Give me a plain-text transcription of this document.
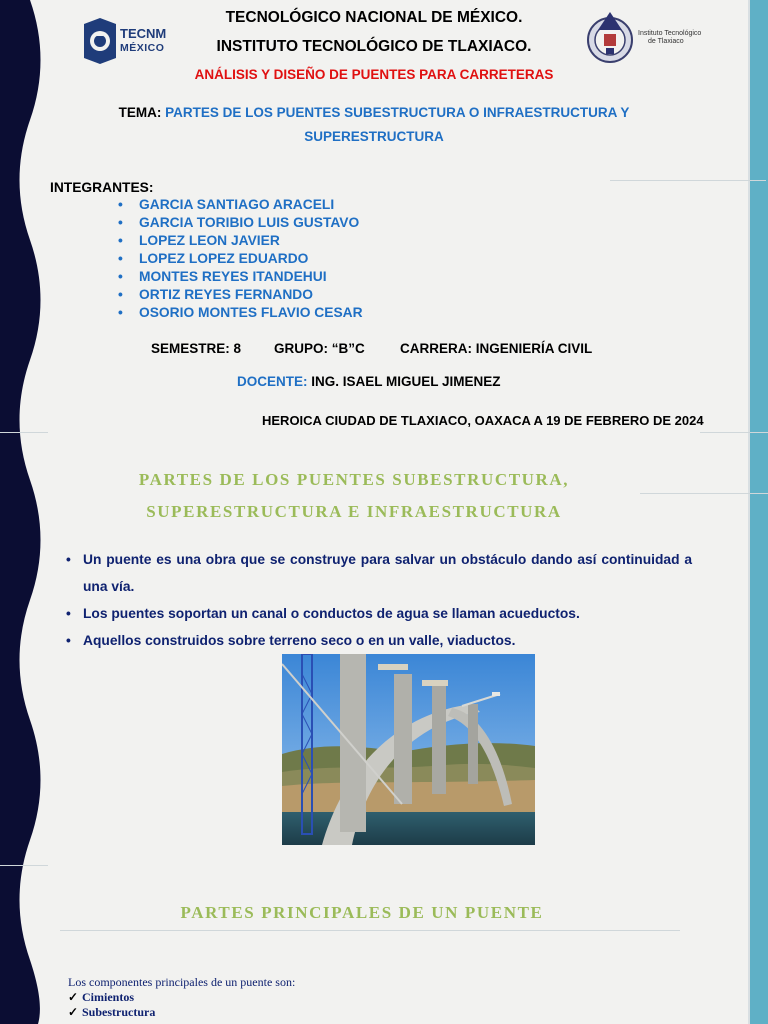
TECNM
MÉXICO
Instituto Tecnológico
de Tlaxiaco
TECNOLÓGICO NACIONAL DE MÉXICO.
INSTITUTO TECNOLÓGICO DE TLAXIACO.
ANÁLISIS Y DISEÑO DE PUENTES PARA CARRETERAS
TEMA: PARTES DE LOS PUENTES SUBESTRUCTURA O INFRAESTRUCTURA Y
SUPERESTRUCTURA
INTEGRANTES:
• GARCIA SANTIAGO ARACELI
• GARCIA TORIBIO LUIS GUSTAVO
• LOPEZ LEON JAVIER
• LOPEZ LOPEZ EDUARDO
• MONTES REYES ITANDEHUI
• ORTIZ REYES FERNANDO
• OSORIO MONTES FLAVIO CESAR
SEMESTRE: 8 GRUPO: “B”C	CARRERA: INGENIERÍA CIVIL
DOCENTE: ING. ISAEL MIGUEL JIMENEZ
HEROICA CIUDAD DE TLAXIACO, OAXACA A 19 DE FEBRERO DE 2024
PARTES DE LOS PUENTES SUBESTRUCTURA,
SUPERESTRUCTURA E INFRAESTRUCTURA
• Un puente es una obra que se construye para salvar un obstáculo dando así continuidad a una vía.
• Los puentes soportan un canal o conductos de agua se llaman acueductos.
• Aquellos construidos sobre terreno seco o en un valle, viaductos.
PARTES PRINCIPALES DE UN PUENTE
Los componentes principales de un puente son:
✓ Cimientos
✓ Subestructura
